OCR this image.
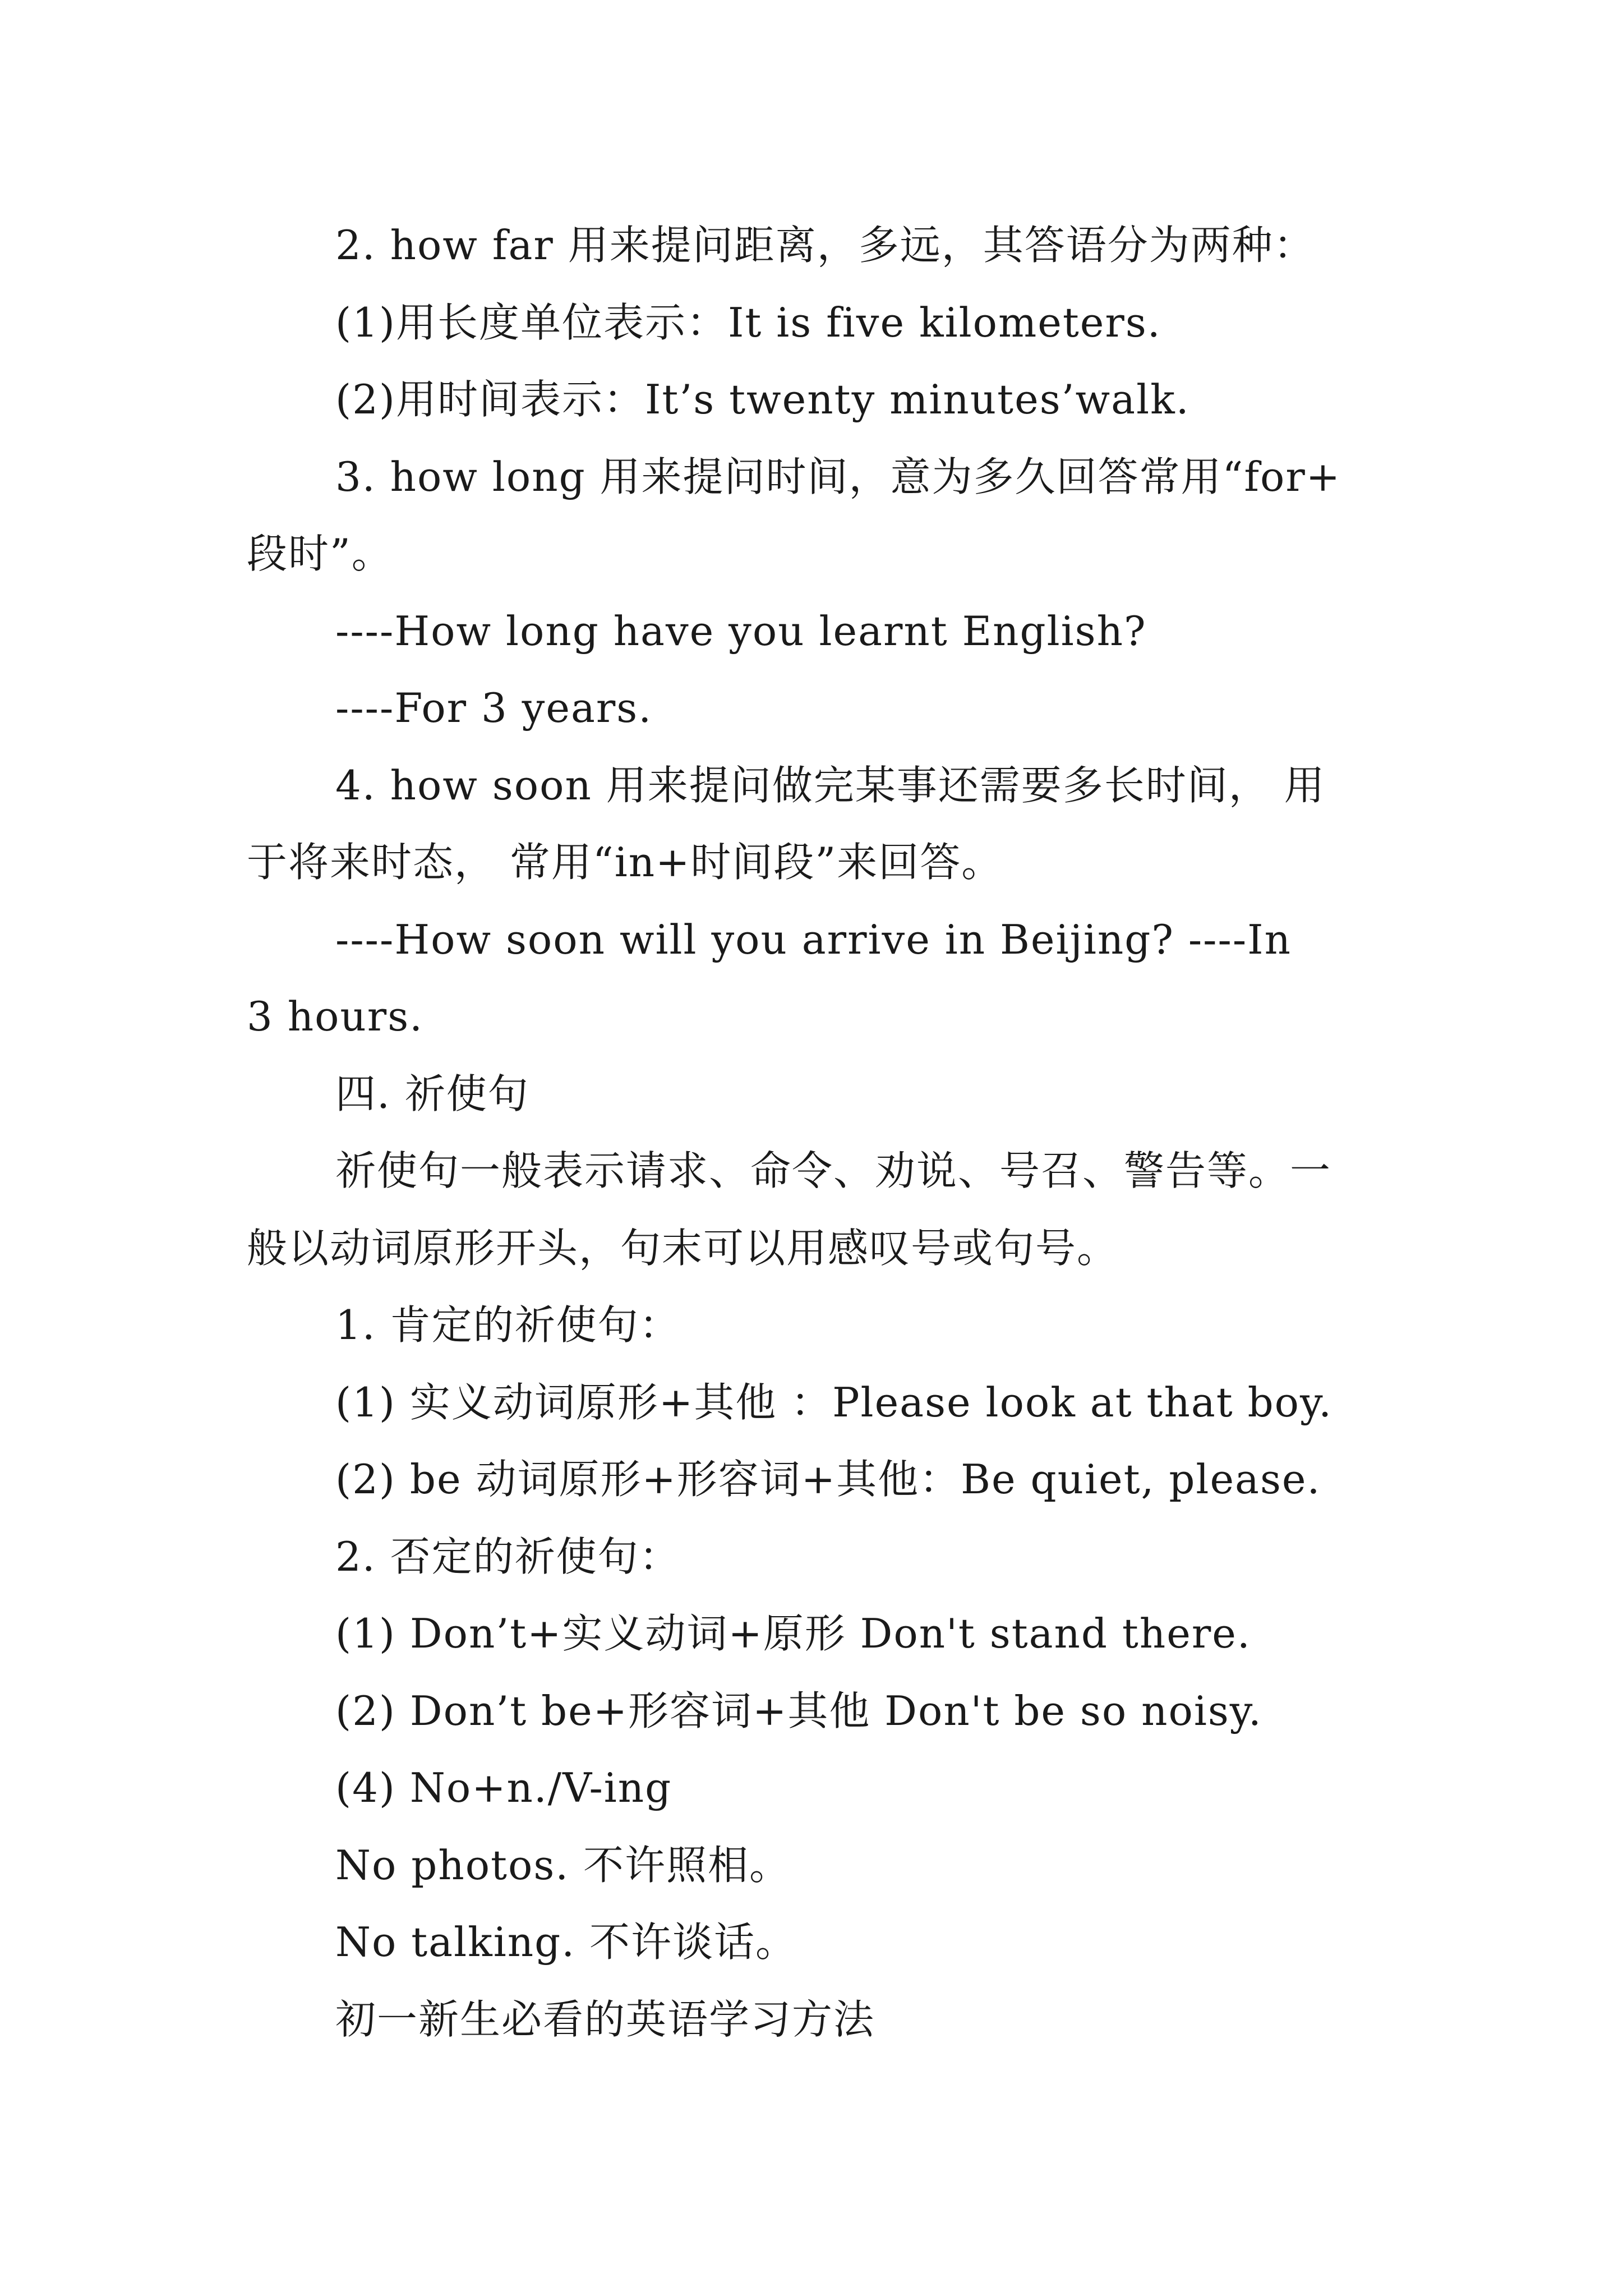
2. how far 用来提问距离，多远，其答语分为两种：
(1)用长度单位表示：It is five kilometers.
(2)用时间表示：It’s twenty minutes’walk.
3. how long 用来提问时间，意为多久回答常用“for+
段时”。
----How long have you learnt English?
----For 3 years.
4. how soon 用来提问做完某事还需要多长时间， 用
于将来时态， 常用“in+时间段”来回答。
----How soon will you arrive in Beijing? ----In
3 hours.
四. 祈使句
祈使句一般表示请求、命令、劝说、号召、警告等。一
般以动词原形开头，句末可以用感叹号或句号。
1. 肯定的祈使句：
(1) 实义动词原形+其他 ：Please look at that boy.
(2) be 动词原形+形容词+其他：Be quiet, please.
2. 否定的祈使句：
(1) Don’t+实义动词+原形 Don't stand there.
(2) Don’t be+形容词+其他 Don't be so noisy.
(4) No+n./V-ing
No photos. 不许照相。
No talking. 不许谈话。
初一新生必看的英语学习方法
